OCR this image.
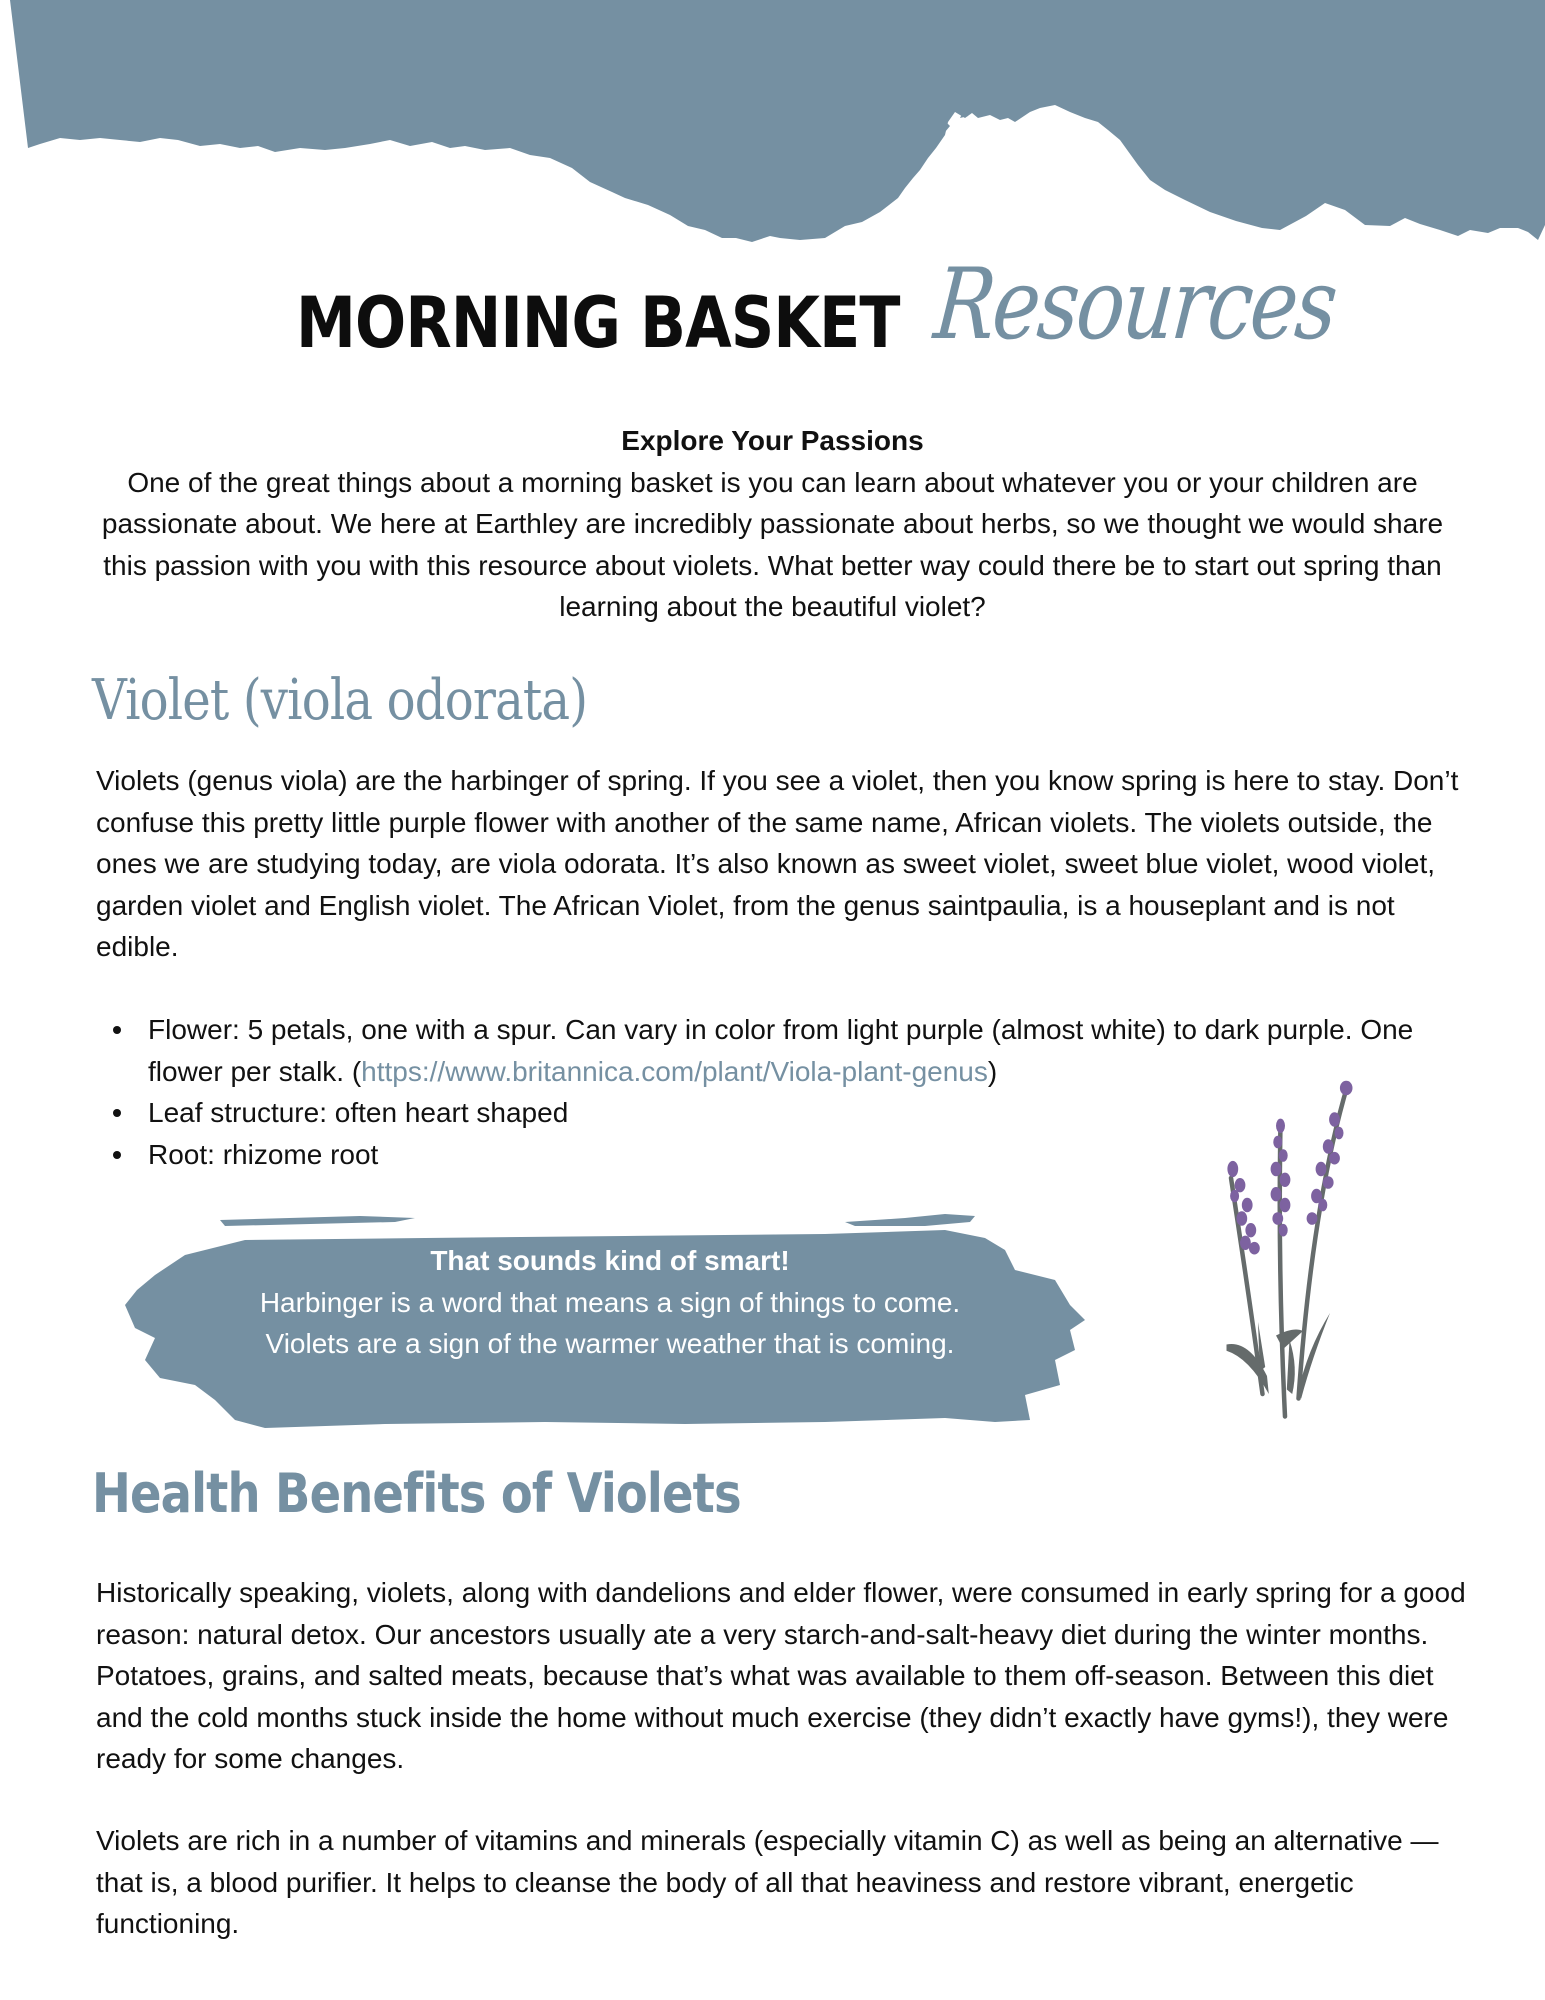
MORNING BASKET Resources
Explore Your Passions
One of the great things about a morning basket is you can learn about whatever you or your children are passionate about. We here at Earthley are incredibly passionate about herbs, so we thought we would share this passion with you with this resource about violets. What better way could there be to start out spring than learning about the beautiful violet?
Violet (viola odorata)
Violets (genus viola) are the harbinger of spring. If you see a violet, then you know spring is here to stay. Don’t confuse this pretty little purple flower with another of the same name, African violets. The violets outside, the ones we are studying today, are viola odorata. It’s also known as sweet violet, sweet blue violet, wood violet, garden violet and English violet. The African Violet, from the genus saintpaulia, is a houseplant and is not edible.
Flower: 5 petals, one with a spur. Can vary in color from light purple (almost white) to dark purple. One flower per stalk. (https://www.britannica.com/plant/Viola-plant-genus)
Leaf structure: often heart shaped
Root: rhizome root
That sounds kind of smart!
Harbinger is a word that means a sign of things to come. Violets are a sign of the warmer weather that is coming.
Health Benefits of Violets
Historically speaking, violets, along with dandelions and elder flower, were consumed in early spring for a good reason: natural detox. Our ancestors usually ate a very starch-and-salt-heavy diet during the winter months. Potatoes, grains, and salted meats, because that’s what was available to them off-season. Between this diet and the cold months stuck inside the home without much exercise (they didn’t exactly have gyms!), they were ready for some changes.
Violets are rich in a number of vitamins and minerals (especially vitamin C) as well as being an alternative — that is, a blood purifier. It helps to cleanse the body of all that heaviness and restore vibrant, energetic functioning.
